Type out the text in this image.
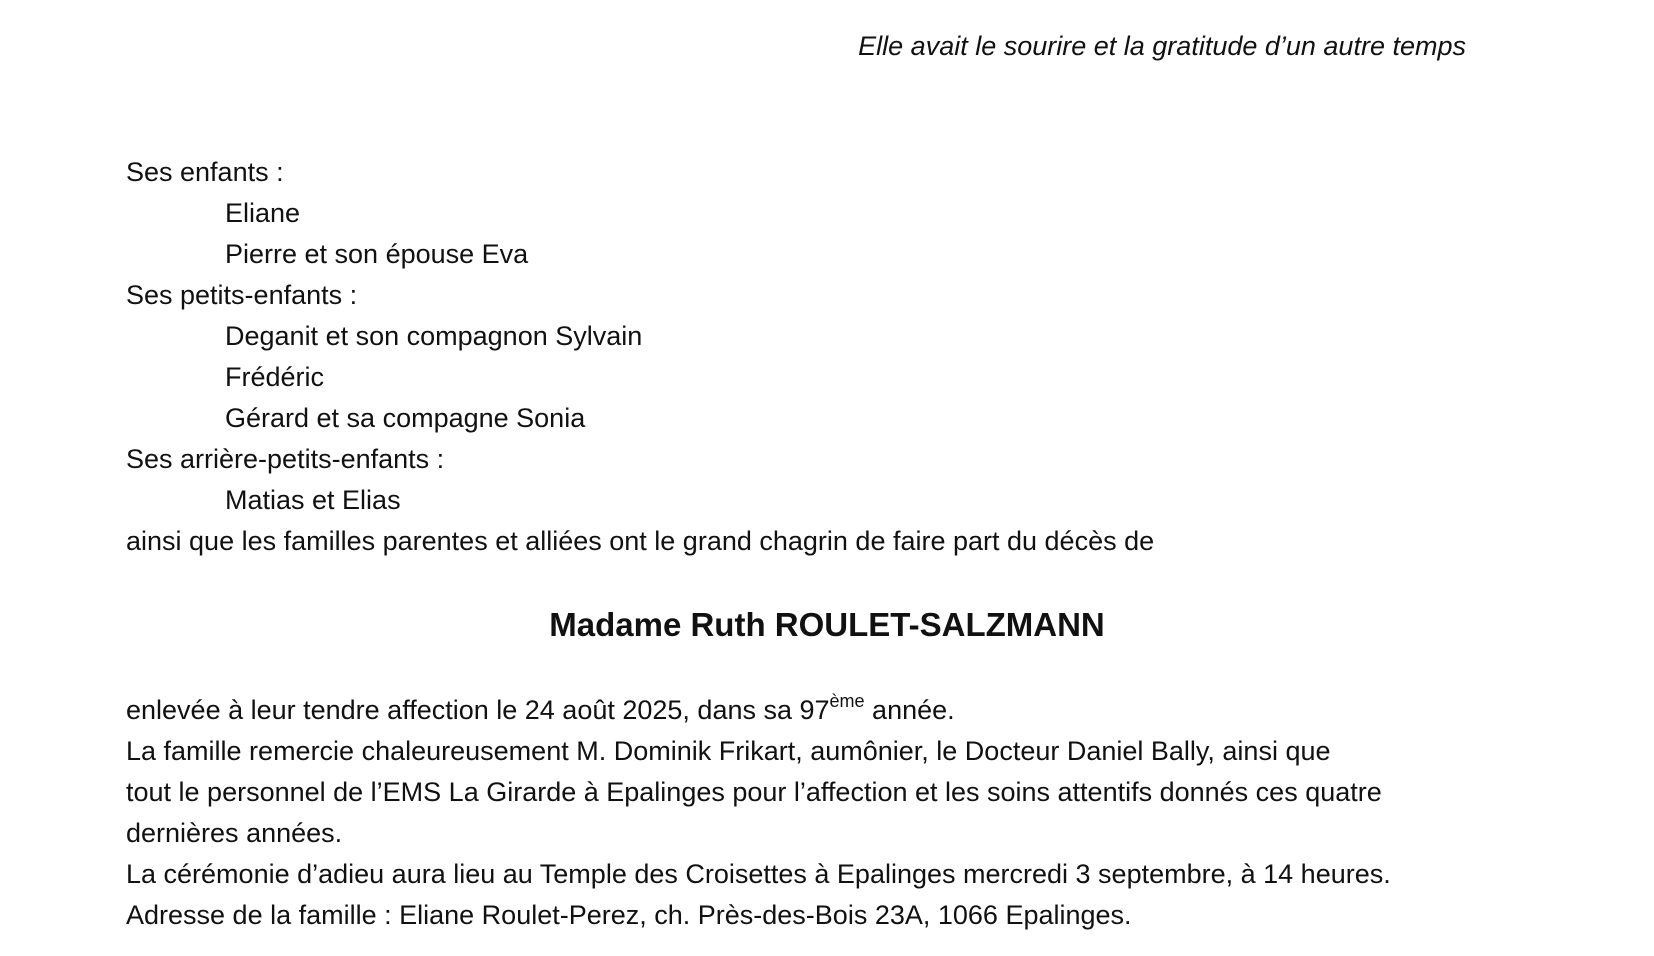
Elle avait le sourire et la gratitude d’un autre temps
Ses enfants :
Eliane
Pierre et son épouse Eva
Ses petits-enfants :
Deganit et son compagnon Sylvain
Frédéric
Gérard et sa compagne Sonia
Ses arrière-petits-enfants :
Matias et Elias
ainsi que les familles parentes et alliées ont le grand chagrin de faire part du décès de
Madame Ruth ROULET-SALZMANN
enlevée à leur tendre affection le 24 août 2025, dans sa 97ème année.
La famille remercie chaleureusement M. Dominik Frikart, aumônier, le Docteur Daniel Bally, ainsi que
tout le personnel de l’EMS La Girarde à Epalinges pour l’affection et les soins attentifs donnés ces quatre
dernières années.
La cérémonie d’adieu aura lieu au Temple des Croisettes à Epalinges mercredi 3 septembre, à 14 heures.
Adresse de la famille : Eliane Roulet-Perez, ch. Près-des-Bois 23A, 1066 Epalinges.
